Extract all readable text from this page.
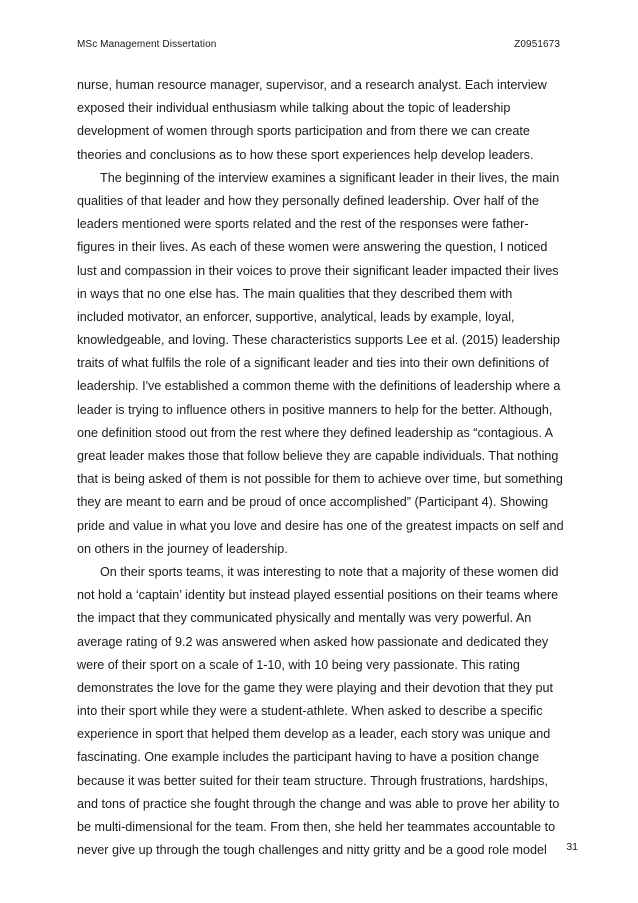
MSc Management Dissertation	Z0951673
nurse, human resource manager, supervisor, and a research analyst. Each interview
exposed their individual enthusiasm while talking about the topic of leadership
development of women through sports participation and from there we can create
theories and conclusions as to how these sport experiences help develop leaders.
The beginning of the interview examines a significant leader in their lives, the main
qualities of that leader and how they personally defined leadership. Over half of the
leaders mentioned were sports related and the rest of the responses were father-
figures in their lives. As each of these women were answering the question, I noticed
lust and compassion in their voices to prove their significant leader impacted their lives
in ways that no one else has. The main qualities that they described them with
included motivator, an enforcer, supportive, analytical, leads by example, loyal,
knowledgeable, and loving. These characteristics supports Lee et al. (2015) leadership
traits of what fulfils the role of a significant leader and ties into their own definitions of
leadership. I've established a common theme with the definitions of leadership where a
leader is trying to influence others in positive manners to help for the better. Although,
one definition stood out from the rest where they defined leadership as “contagious. A
great leader makes those that follow believe they are capable individuals. That nothing
that is being asked of them is not possible for them to achieve over time, but something
they are meant to earn and be proud of once accomplished” (Participant 4). Showing
pride and value in what you love and desire has one of the greatest impacts on self and
on others in the journey of leadership.
On their sports teams, it was interesting to note that a majority of these women did
not hold a ‘captain’ identity but instead played essential positions on their teams where
the impact that they communicated physically and mentally was very powerful. An
average rating of 9.2 was answered when asked how passionate and dedicated they
were of their sport on a scale of 1-10, with 10 being very passionate. This rating
demonstrates the love for the game they were playing and their devotion that they put
into their sport while they were a student-athlete. When asked to describe a specific
experience in sport that helped them develop as a leader, each story was unique and
fascinating. One example includes the participant having to have a position change
because it was better suited for their team structure. Through frustrations, hardships,
and tons of practice she fought through the change and was able to prove her ability to
be multi-dimensional for the team. From then, she held her teammates accountable to
never give up through the tough challenges and nitty gritty and be a good role model	31
